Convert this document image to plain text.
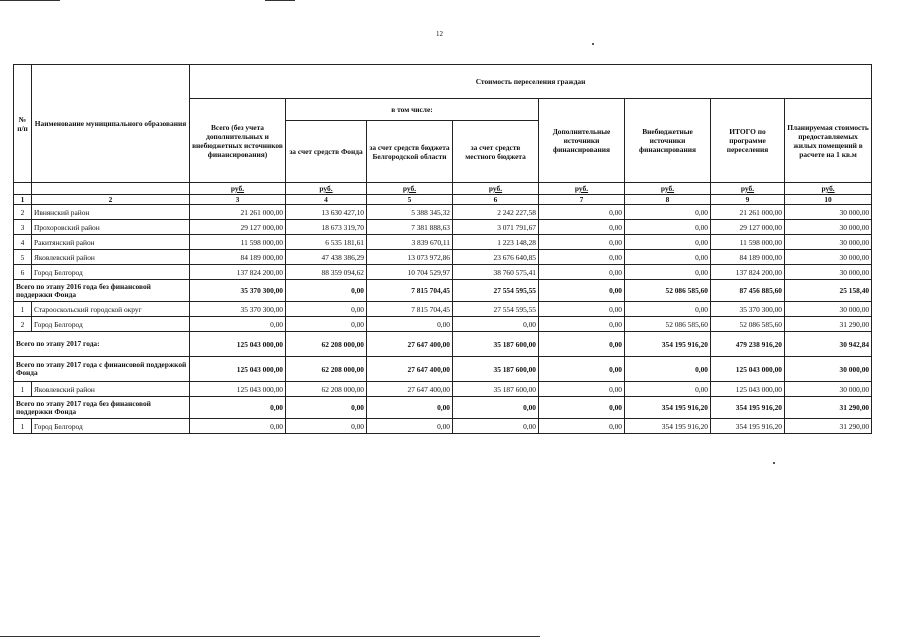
12
№ п/п	Наименование муниципального образования	Стоимость переселения граждан							
		Всего (без учета дополнительных и внебюджетных источников финансирования)	в том числе:			Дополнительные источники финансирования	Внебюджетные источники финансирования	ИТОГО по программе переселения	Планируемая стоимость предоставляемых жилых помещений в расчете на 1 кв.м
			за счет средств Фонда	за счет средств бюджета Белгородской области	за счет средств местного бюджета				
		руб.	руб.	руб.	руб.	руб.	руб.	руб.	руб.
1	2	3	4	5	6	7	8	9	10
2	Ивнянский район	21 261 000,00	13 630 427,10	5 388 345,32	2 242 227,58	0,00	0,00	21 261 000,00	30 000,00
3	Прохоровский район	29 127 000,00	18 673 319,70	7 381 888,63	3 071 791,67	0,00	0,00	29 127 000,00	30 000,00
4	Ракитянский район	11 598 000,00	6 535 181,61	3 839 670,11	1 223 148,28	0,00	0,00	11 598 000,00	30 000,00
5	Яковлевский район	84 189 000,00	47 438 386,29	13 073 972,86	23 676 640,85	0,00	0,00	84 189 000,00	30 000,00
6	Город Белгород	137 824 200,00	88 359 094,62	10 704 529,97	38 760 575,41	0,00	0,00	137 824 200,00	30 000,00
Всего по этапу 2016 года без финансовой поддержки Фонда		35 370 300,00	0,00	7 815 704,45	27 554 595,55	0,00	52 086 585,60	87 456 885,60	25 158,40
1	Старооскольский городской округ	35 370 300,00	0,00	7 815 704,45	27 554 595,55	0,00	0,00	35 370 300,00	30 000,00
2	Город Белгород	0,00	0,00	0,00	0,00	0,00	52 086 585,60	52 086 585,60	31 290,00
Всего по этапу 2017 года:		125 043 000,00	62 208 000,00	27 647 400,00	35 187 600,00	0,00	354 195 916,20	479 238 916,20	30 942,84
Всего по этапу 2017 года с финансовой поддержкой Фонда		125 043 000,00	62 208 000,00	27 647 400,00	35 187 600,00	0,00	0,00	125 043 000,00	30 000,00
1	Яковлевский район	125 043 000,00	62 208 000,00	27 647 400,00	35 187 600,00	0,00	0,00	125 043 000,00	30 000,00
Всего по этапу 2017 года без финансовой поддержки Фонда		0,00	0,00	0,00	0,00	0,00	354 195 916,20	354 195 916,20	31 290,00
1	Город Белгород	0,00	0,00	0,00	0,00	0,00	354 195 916,20	354 195 916,20	31 290,00
